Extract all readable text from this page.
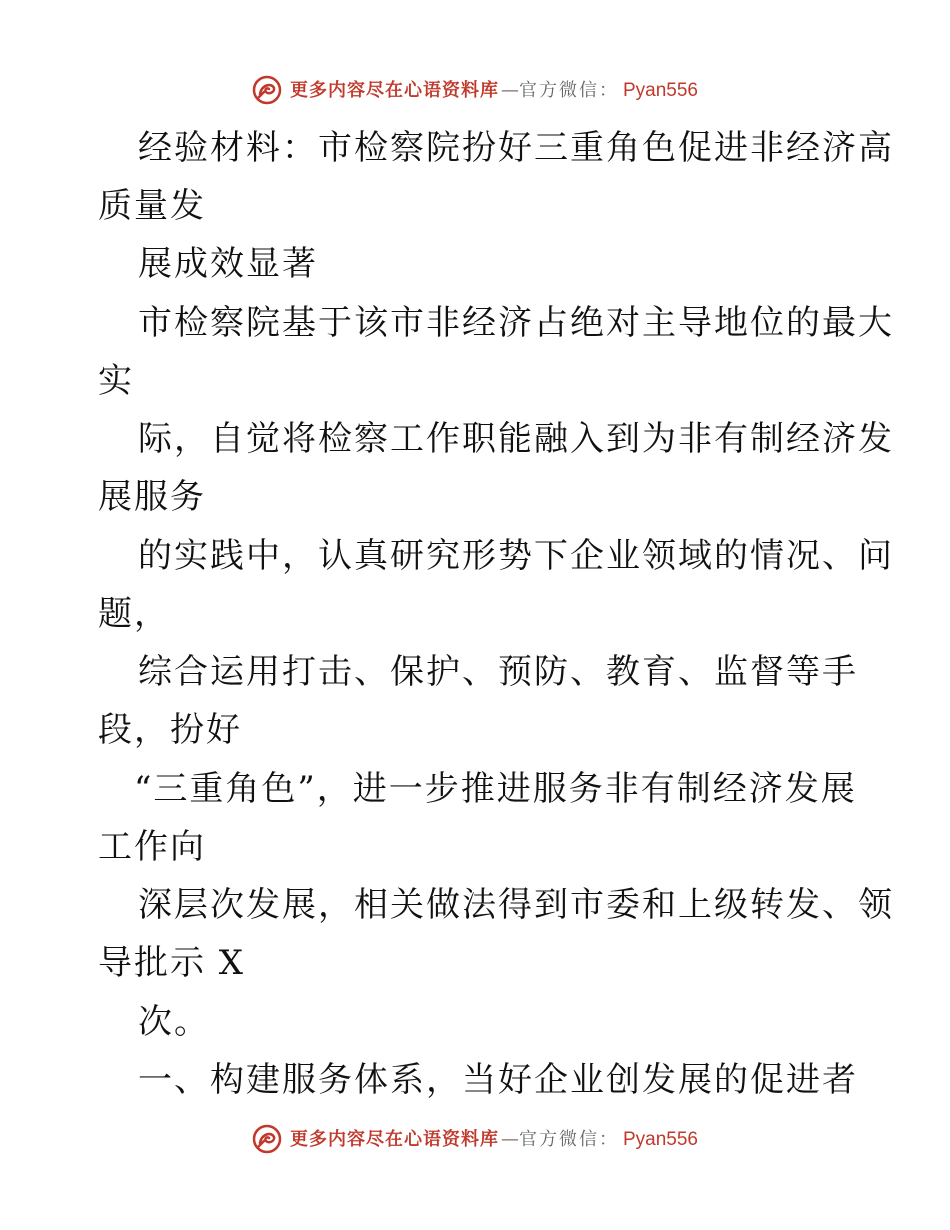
更多内容尽在心语资料库 — 官方微信： Pyan556
经验材料：市检察院扮好三重角色促进非经济高
质量发
展成效显著
市检察院基于该市非经济占绝对主导地位的最大
实
际，自觉将检察工作职能融入到为非有制经济发
展服务
的实践中，认真研究形势下企业领域的情况、问
题，
综合运用打击、保护、预防、教育、监督等手
段，扮好
“三重角色”，进一步推进服务非有制经济发展
工作向
深层次发展，相关做法得到市委和上级转发、领
导批示 X
次。
一、构建服务体系，当好企业创发展的促进者
更多内容尽在心语资料库 — 官方微信： Pyan556
